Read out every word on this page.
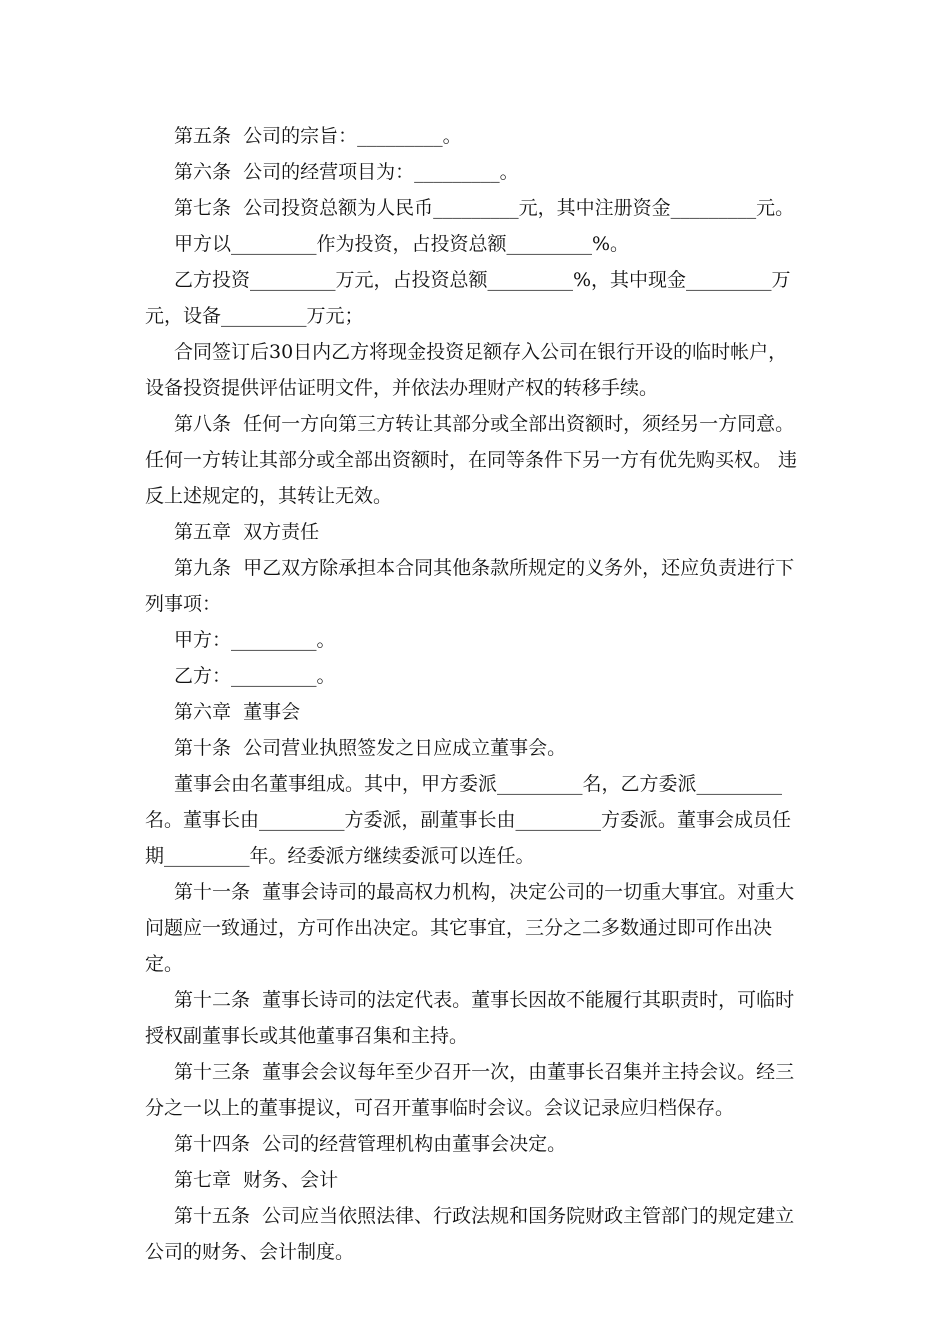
第五条  公司的宗旨：_________。

第六条  公司的经营项目为：_________。

第七条  公司投资总额为人民币_________元，其中注册资金_________元。

甲方以_________作为投资，占投资总额_________%。

乙方投资_________万元，占投资总额_________%，其中现金_________万元，设备_________万元；

合同签订后30日内乙方将现金投资足额存入公司在银行开设的临时帐户，设备投资提供评估证明文件，并依法办理财产权的转移手续。

第八条  任何一方向第三方转让其部分或全部出资额时，须经另一方同意。任何一方转让其部分或全部出资额时，在同等条件下另一方有优先购买权。 违反上述规定的，其转让无效。

第五章  双方责任

第九条  甲乙双方除承担本合同其他条款所规定的义务外，还应负责进行下列事项：

甲方：_________。

乙方：_________。

第六章  董事会

第十条  公司营业执照签发之日应成立董事会。

董事会由名董事组成。其中，甲方委派_________名，乙方委派_________名。董事长由_________方委派，副董事长由_________方委派。董事会成员任期_________年。经委派方继续委派可以连任。

第十一条  董事会诗司的最高权力机构，决定公司的一切重大事宜。对重大问题应一致通过，方可作出决定。其它事宜，三分之二多数通过即可作出决定。

第十二条  董事长诗司的法定代表。董事长因故不能履行其职责时，可临时授权副董事长或其他董事召集和主持。

第十三条  董事会会议每年至少召开一次，由董事长召集并主持会议。经三分之一以上的董事提议，可召开董事临时会议。会议记录应归档保存。

第十四条  公司的经营管理机构由董事会决定。

第七章  财务、会计

第十五条  公司应当依照法律、行政法规和国务院财政主管部门的规定建立公司的财务、会计制度。
